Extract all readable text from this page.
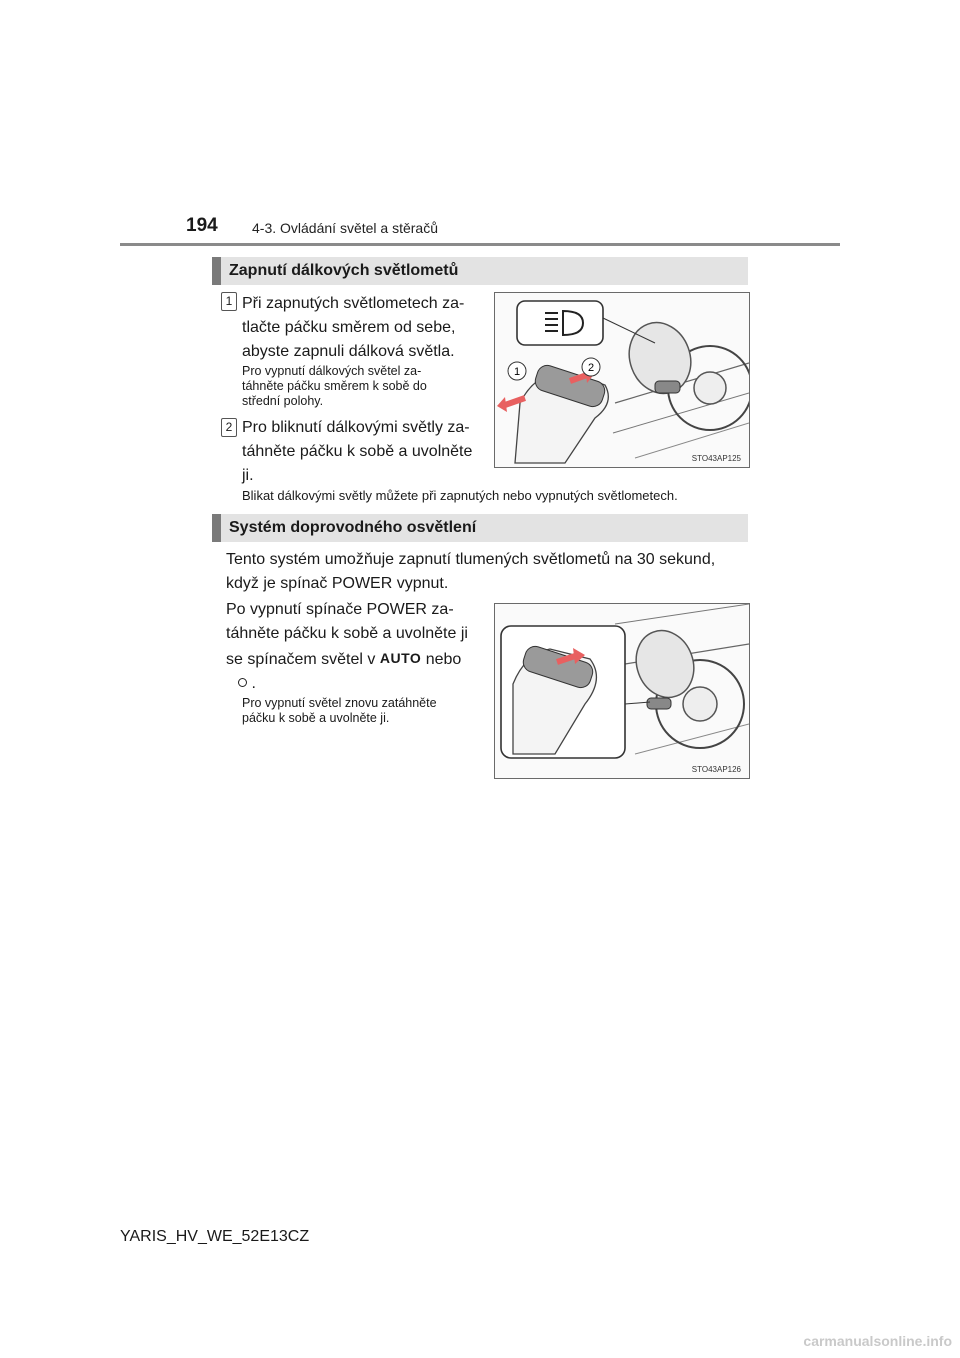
194 4-3. Ovládání světel a stěračů
Zapnutí dálkových světlometů
1 Při zapnutých světlometech za-
tlačte páčku směrem od sebe,
abyste zapnuli dálková světla.
Pro vypnutí dálkových světel za-
táhněte páčku směrem k sobě do
střední polohy.
2 Pro bliknutí dálkovými světly za-
táhněte páčku k sobě a uvolněte
ji.
1	2
STO43AP125
Blikat dálkovými světly můžete při zapnutých nebo vypnutých světlometech.
Systém doprovodného osvětlení
Tento systém umožňuje zapnutí tlumených světlometů na 30 sekund,
když je spínač POWER vypnut.
Po vypnutí spínače POWER za-
táhněte páčku k sobě a uvolněte ji
se spínačem světel v AUTO nebo
.
Pro vypnutí světel znovu zatáhněte
páčku k sobě a uvolněte ji.
STO43AP126
YARIS_HV_WE_52E13CZ
carmanualsonline.info
